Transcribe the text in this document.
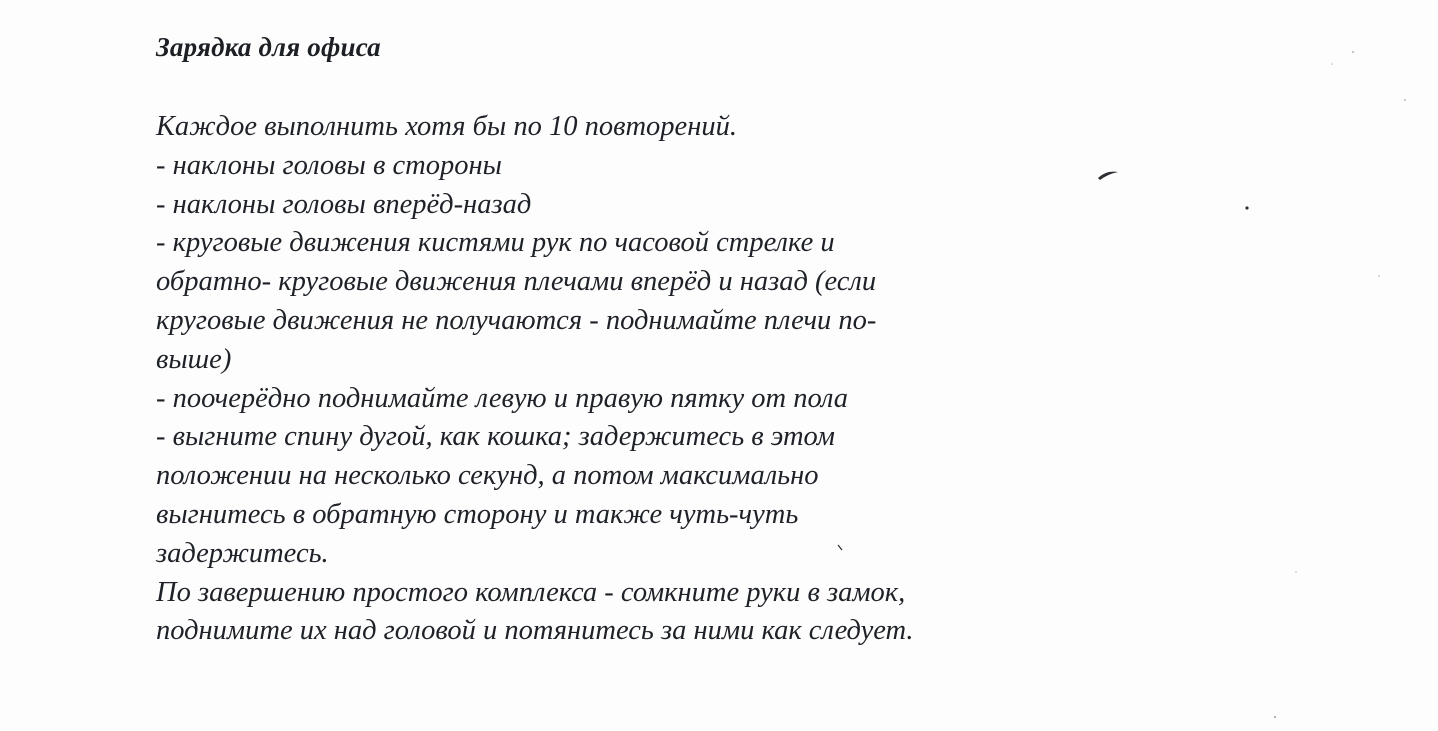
Зарядка для офиса
Каждое выполнить хотя бы по 10 повторений.
- наклоны головы в стороны
- наклоны головы вперёд-назад
- круговые движения кистями рук по часовой стрелке и
обратно- круговые движения плечами вперёд и назад (если
круговые движения не получаются - поднимайте плечи по-
выше)
- поочерёдно поднимайте левую и правую пятку от пола
- выгните спину дугой, как кошка; задержитесь в этом
положении на несколько секунд, а потом максимально
выгнитесь в обратную сторону и также чуть-чуть
задержитесь.
По завершению простого комплекса - сомкните руки в замок,
поднимите их над головой и потянитесь за ними как следует.
